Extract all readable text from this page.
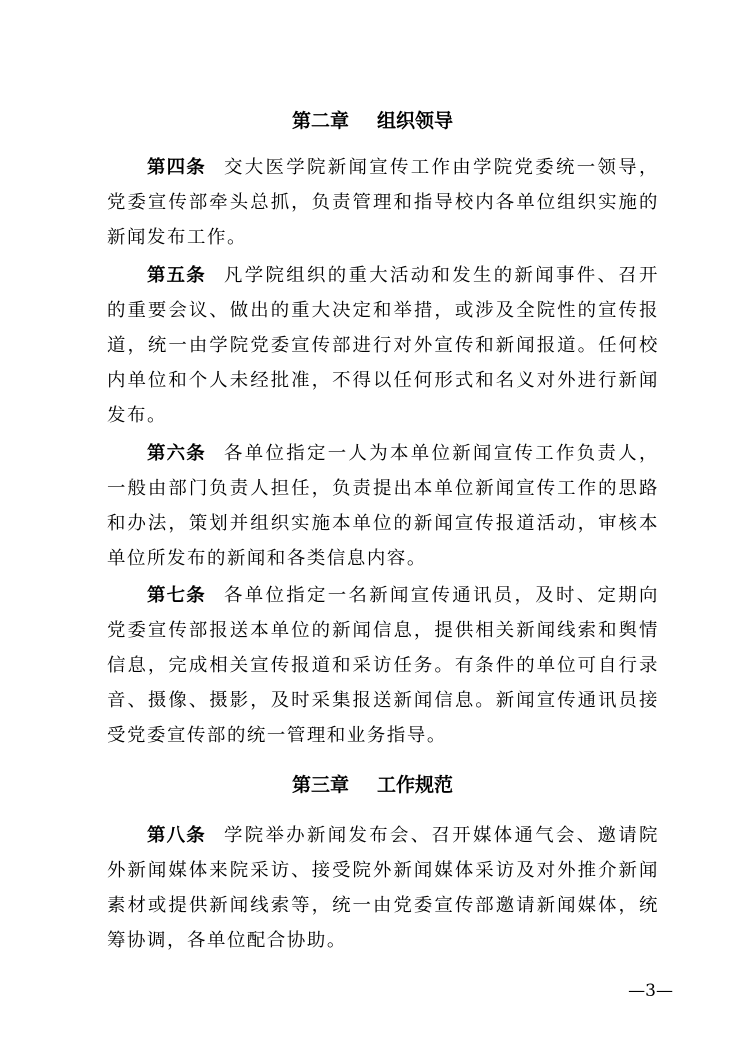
第二章 组织领导

第四条 交大医学院新闻宣传工作由学院党委统一领导，党委宣传部牵头总抓，负责管理和指导校内各单位组织实施的新闻发布工作。

第五条 凡学院组织的重大活动和发生的新闻事件、召开的重要会议、做出的重大决定和举措，或涉及全院性的宣传报道，统一由学院党委宣传部进行对外宣传和新闻报道。任何校内单位和个人未经批准，不得以任何形式和名义对外进行新闻发布。

第六条 各单位指定一人为本单位新闻宣传工作负责人，一般由部门负责人担任，负责提出本单位新闻宣传工作的思路和办法，策划并组织实施本单位的新闻宣传报道活动，审核本单位所发布的新闻和各类信息内容。

第七条 各单位指定一名新闻宣传通讯员，及时、定期向党委宣传部报送本单位的新闻信息，提供相关新闻线索和舆情信息，完成相关宣传报道和采访任务。有条件的单位可自行录音、摄像、摄影，及时采集报送新闻信息。新闻宣传通讯员接受党委宣传部的统一管理和业务指导。

第三章 工作规范

第八条 学院举办新闻发布会、召开媒体通气会、邀请院外新闻媒体来院采访、接受院外新闻媒体采访及对外推介新闻素材或提供新闻线索等，统一由党委宣传部邀请新闻媒体，统筹协调，各单位配合协助。

—3—
